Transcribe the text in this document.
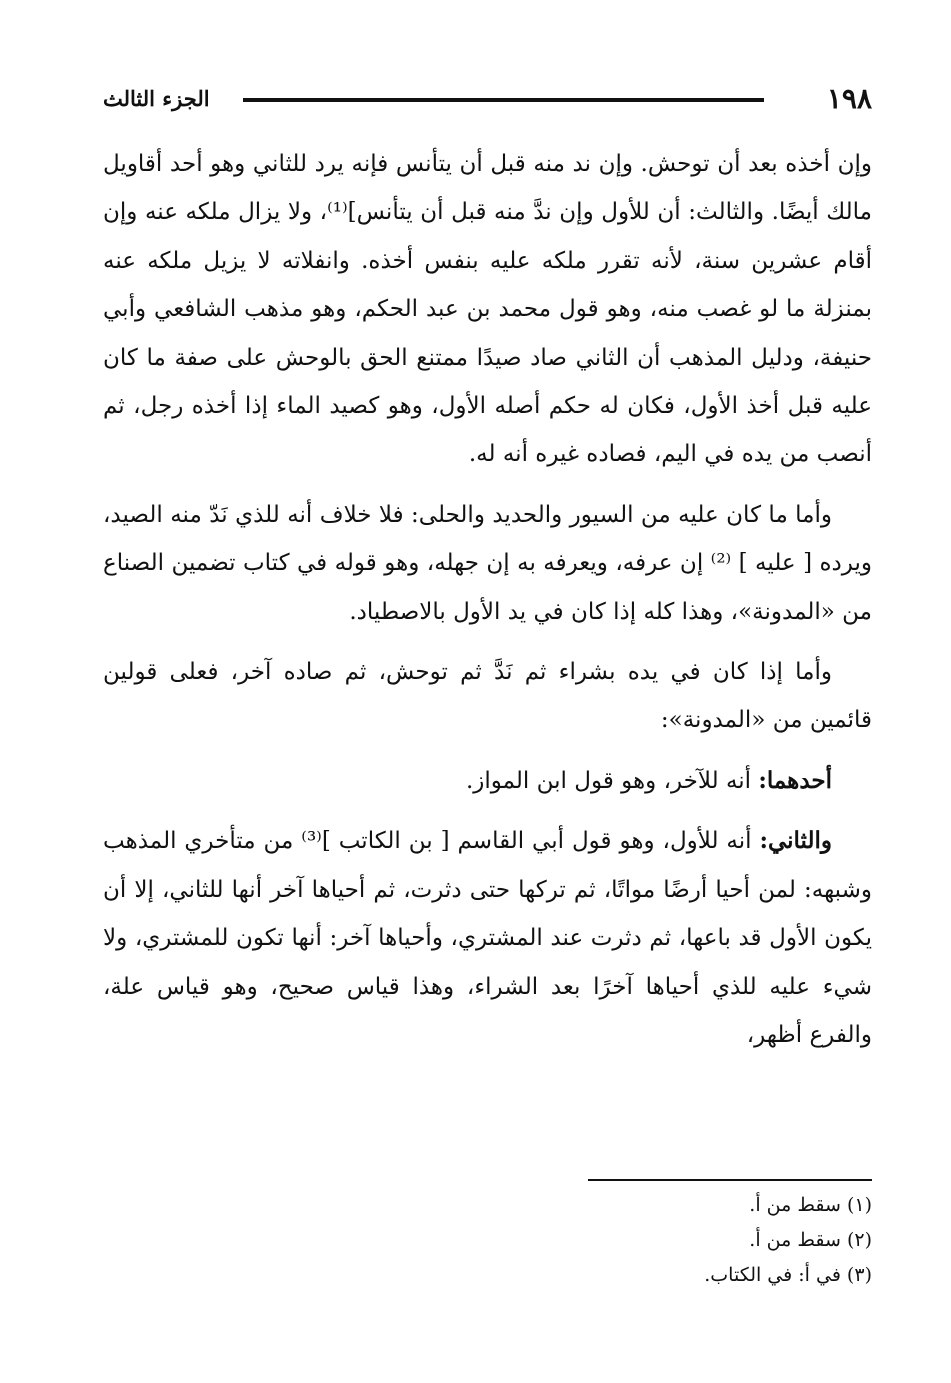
١٩٨
الجزء الثالث

وإن أخذه بعد أن توحش. وإن ند منه قبل أن يتأنس فإنه يرد للثاني وهو أحد أقاويل مالك أيضًا. والثالث: أن للأول وإن ندَّ منه قبل أن يتأنس]⁽¹⁾، ولا يزال ملكه عنه وإن أقام عشرين سنة، لأنه تقرر ملكه عليه بنفس أخذه. وانفلاته لا يزيل ملكه عنه بمنزلة ما لو غصب منه، وهو قول محمد بن عبد الحكم، وهو مذهب الشافعي وأبي حنيفة، ودليل المذهب أن الثاني صاد صيدًا ممتنع الحق بالوحش على صفة ما كان عليه قبل أخذ الأول، فكان له حكم أصله الأول، وهو كصيد الماء إذا أخذه رجل، ثم أنصب من يده في اليم، فصاده غيره أنه له.

وأما ما كان عليه من السيور والحديد والحلى: فلا خلاف أنه للذي نَدّ منه الصيد، ويرده [ عليه ] ⁽²⁾ إن عرفه، ويعرفه به إن جهله، وهو قوله في كتاب تضمين الصناع من «المدونة»، وهذا كله إذا كان في يد الأول بالاصطياد.

وأما إذا كان في يده بشراء ثم نَدَّ ثم توحش، ثم صاده آخر، فعلى قولين قائمين من «المدونة»:

أحدهما: أنه للآخر، وهو قول ابن المواز.

والثاني: أنه للأول، وهو قول أبي القاسم [ بن الكاتب ]⁽³⁾ من متأخري المذهب وشبهه: لمن أحيا أرضًا مواتًا، ثم تركها حتى دثرت، ثم أحياها آخر أنها للثاني، إلا أن يكون الأول قد باعها، ثم دثرت عند المشتري، وأحياها آخر: أنها تكون للمشتري، ولا شيء عليه للذي أحياها آخرًا بعد الشراء، وهذا قياس صحيح، وهو قياس علة، والفرع أظهر،

(١) سقط من أ.

(٢) سقط من أ.

(٣) في أ: في الكتاب.
